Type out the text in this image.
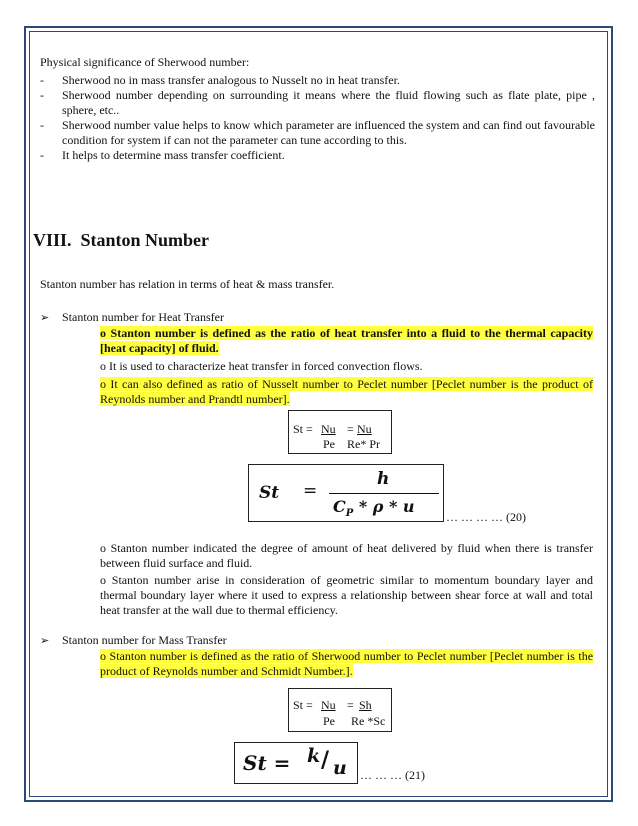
Physical significance of Sherwood number:

- Sherwood no in mass transfer analogous to Nusselt no in heat transfer.
- Sherwood number depending on surrounding it means where the fluid flowing such as flate plate, pipe , sphere, etc..
- Sherwood number value helps to know which parameter are influenced the system and can find out favourable condition for system if can not the parameter can tune according to this.
- It helps to determine mass transfer coefficient.
VIII. Stanton Number

Stanton number has relation in terms of heat & mass transfer.

➢ Stanton number for Heat Transfer
o Stanton number is defined as the ratio of heat transfer into a fluid to the thermal capacity [heat capacity] of fluid.
o It is used to characterize heat transfer in forced convection flows.
o It can also defined as ratio of Nusselt number to Peclet number [Peclet number is the product of Reynolds number and Prandtl number].
St = Nu
Pe
= Nu
Re* Pr
St =
h
$C_P$ * ρ * u
… … … … (20)
o Stanton number indicated the degree of amount of heat delivered by fluid when there is transfer between fluid surface and fluid.
o Stanton number arise in consideration of geometric similar to momentum boundary layer and thermal boundary layer where it used to express a relationship between shear force at wall and total heat transfer at the wall due to thermal efficiency.
➢ Stanton number for Mass Transfer
o Stanton number is defined as the ratio of Sherwood number to Peclet number [Peclet number is the product of Reynolds number and Schmidt Number.].
St = Nu
Pe
= Sh
Re *Sc
St = k / u … … … (21)
